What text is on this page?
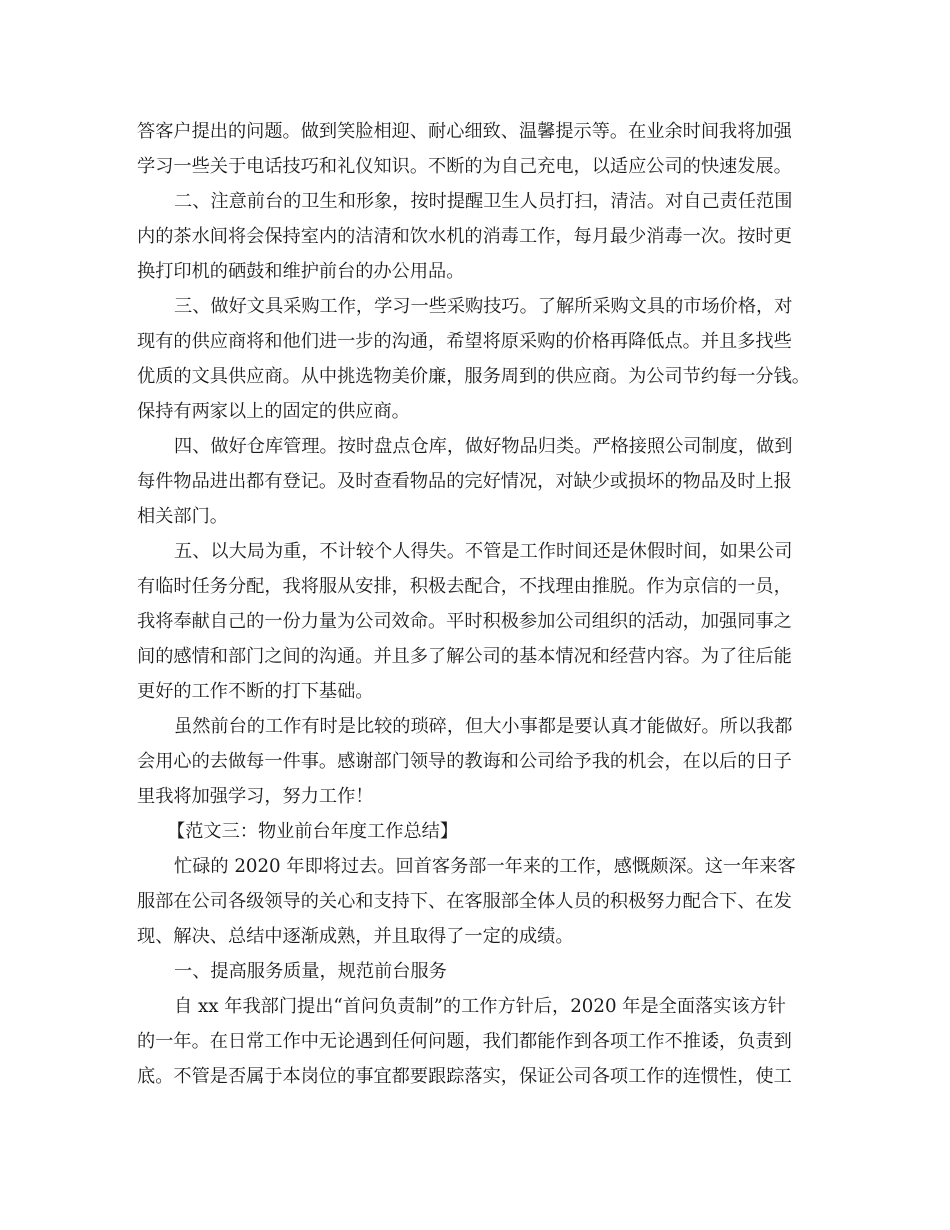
答客户提出的问题。做到笑脸相迎、耐心细致、温馨提示等。在业余时间我将加强
学习一些关于电话技巧和礼仪知识。不断的为自己充电，以适应公司的快速发展。
二、注意前台的卫生和形象，按时提醒卫生人员打扫，清洁。对自己责任范围
内的茶水间将会保持室内的洁清和饮水机的消毒工作，每月最少消毒一次。按时更
换打印机的硒鼓和维护前台的办公用品。
三、做好文具采购工作，学习一些采购技巧。了解所采购文具的市场价格，对
现有的供应商将和他们进一步的沟通，希望将原采购的价格再降低点。并且多找些
优质的文具供应商。从中挑选物美价廉，服务周到的供应商。为公司节约每一分钱。
保持有两家以上的固定的供应商。
四、做好仓库管理。按时盘点仓库，做好物品归类。严格接照公司制度，做到
每件物品进出都有登记。及时查看物品的完好情况，对缺少或损坏的物品及时上报
相关部门。
五、以大局为重，不计较个人得失。不管是工作时间还是休假时间，如果公司
有临时任务分配，我将服从安排，积极去配合，不找理由推脱。作为京信的一员，
我将奉献自己的一份力量为公司效命。平时积极参加公司组织的活动，加强同事之
间的感情和部门之间的沟通。并且多了解公司的基本情况和经营内容。为了往后能
更好的工作不断的打下基础。
虽然前台的工作有时是比较的琐碎，但大小事都是要认真才能做好。所以我都
会用心的去做每一件事。感谢部门领导的教诲和公司给予我的机会，在以后的日子
里我将加强学习，努力工作！
【范文三：物业前台年度工作总结】
忙碌的 2020 年即将过去。回首客务部一年来的工作，感慨颇深。这一年来客
服部在公司各级领导的关心和支持下、在客服部全体人员的积极努力配合下、在发
现、解决、总结中逐渐成熟，并且取得了一定的成绩。
一、提高服务质量，规范前台服务
自 xx 年我部门提出“首问负责制”的工作方针后，2020 年是全面落实该方针
的一年。在日常工作中无论遇到任何问题，我们都能作到各项工作不推诿，负责到
底。不管是否属于本岗位的事宜都要跟踪落实，保证公司各项工作的连惯性，使工
